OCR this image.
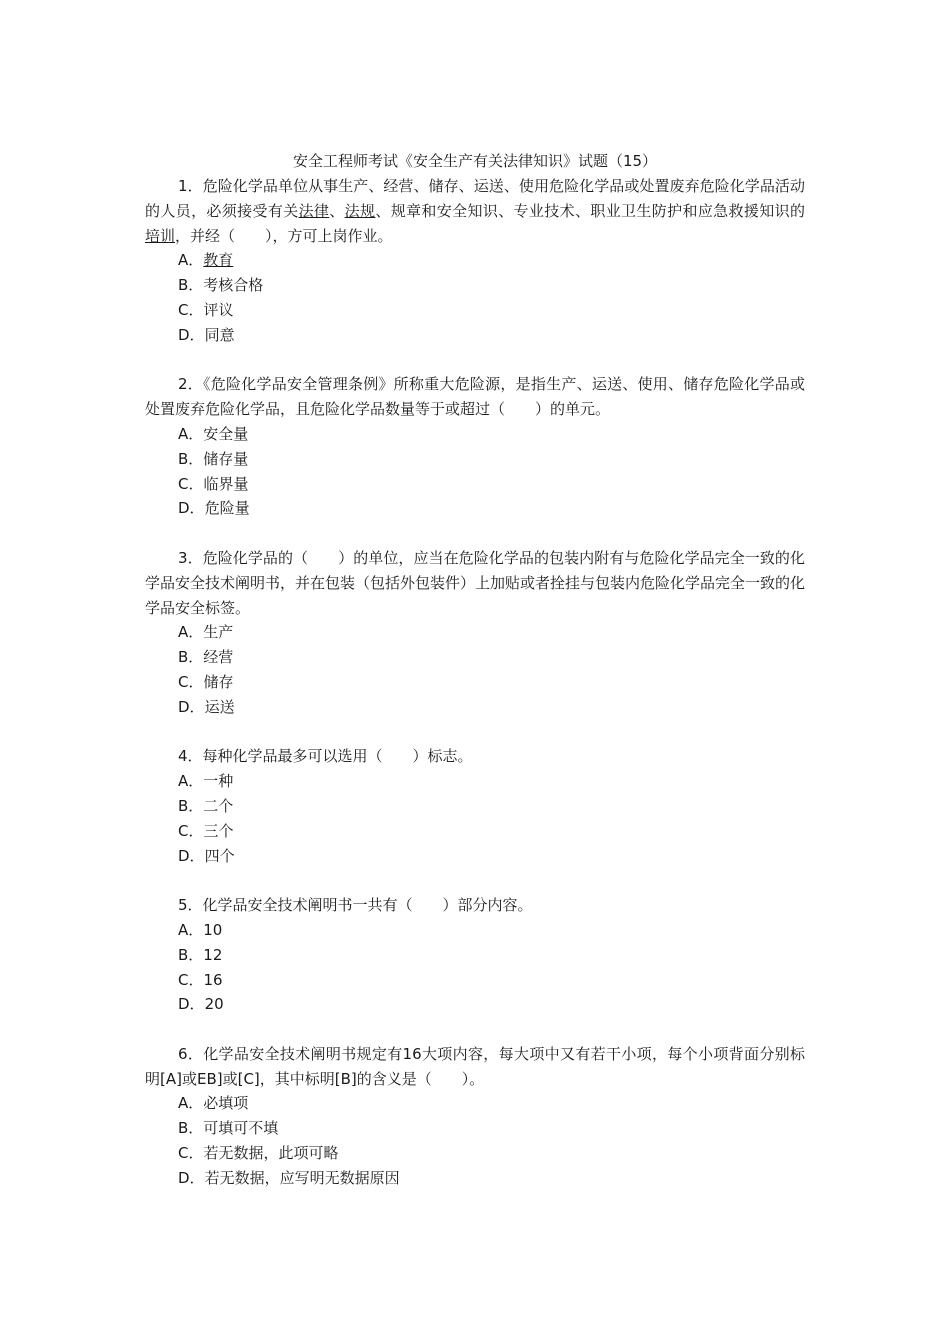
安全工程师考试《安全生产有关法律知识》试题（15）

1．危险化学品单位从事生产、经营、储存、运送、使用危险化学品或处置废弃危险化学品活动的人员，必须接受有关法律、法规、规章和安全知识、专业技术、职业卫生防护和应急救援知识的培训，并经（　　），方可上岗作业。

A．教育

B．考核合格

C．评议

D．同意

2．《危险化学品安全管理条例》所称重大危险源，是指生产、运送、使用、储存危险化学品或处置废弃危险化学品，且危险化学品数量等于或超过（　　）的单元。

A．安全量

B．储存量

C．临界量

D．危险量

3．危险化学品的（　　）的单位，应当在危险化学品的包装内附有与危险化学品完全一致的化学品安全技术阐明书，并在包装（包括外包装件）上加贴或者拴挂与包装内危险化学品完全一致的化学品安全标签。

A．生产

B．经营

C．储存

D．运送

4．每种化学品最多可以选用（　　）标志。

A．一种

B．二个

C．三个

D．四个

5．化学品安全技术阐明书一共有（　　）部分内容。

A．10

B．12

C．16

D．20

6．化学品安全技术阐明书规定有16大项内容，每大项中又有若干小项，每个小项背面分别标明[A]或EB]或[C]，其中标明[B]的含义是（　　）。

A．必填项

B．可填可不填

C．若无数据，此项可略

D．若无数据，应写明无数据原因
